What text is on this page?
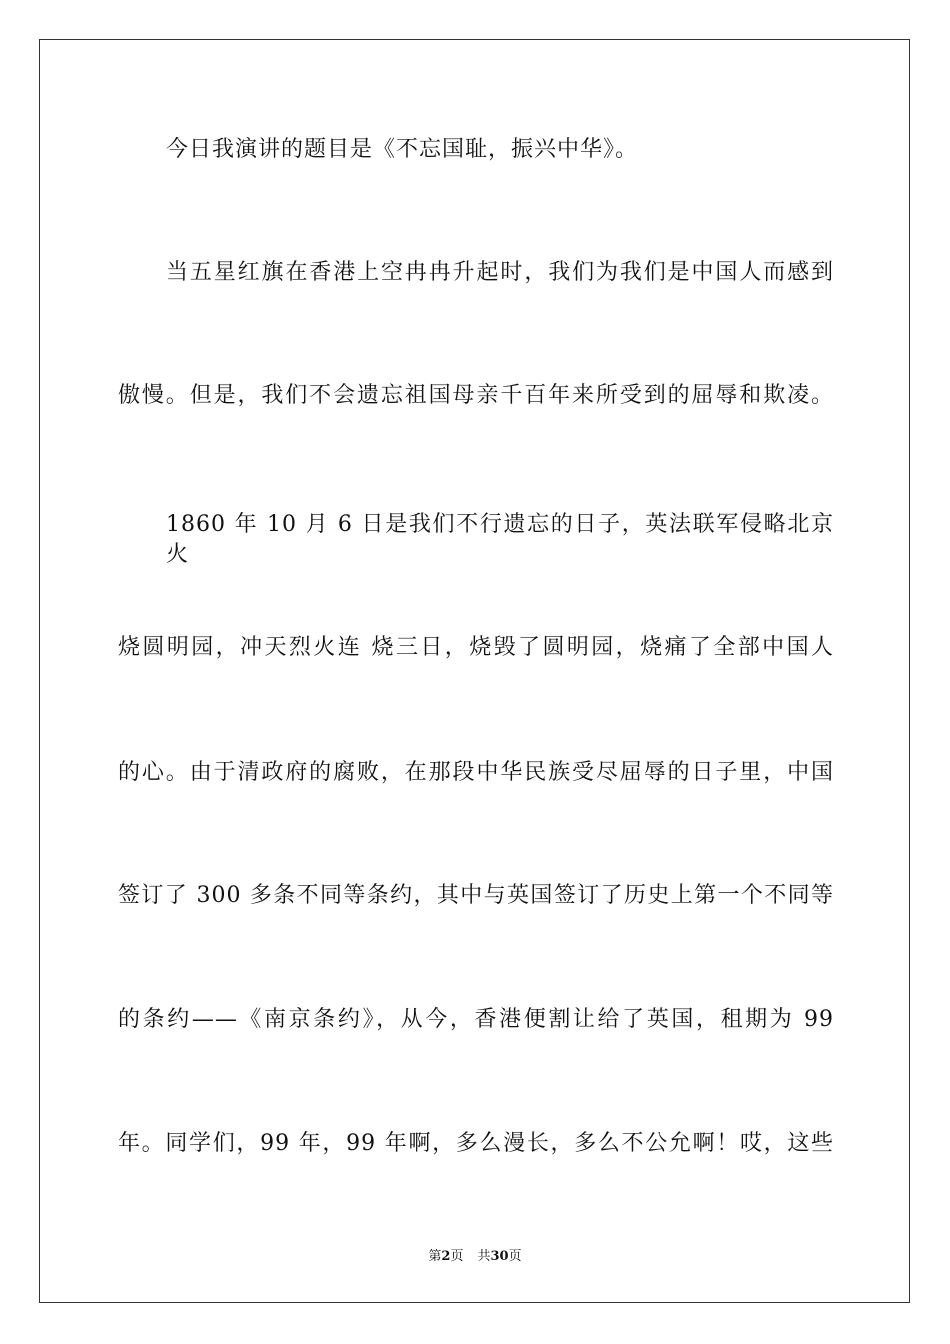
今日我演讲的题目是《不忘国耻，振兴中华》。
当五星红旗在香港上空冉冉升起时，我们为我们是中国人而感到
傲慢。但是，我们不会遗忘祖国母亲千百年来所受到的屈辱和欺凌。
1860 年 10 月 6 日是我们不行遗忘的日子，英法联军侵略北京火
烧圆明园，冲天烈火连 烧三日，烧毁了圆明园，烧痛了全部中国人
的心。由于清政府的腐败，在那段中华民族受尽屈辱的日子里，中国
签订了 300 多条不同等条约，其中与英国签订了历史上第一个不同等
的条约——《南京条约》，从今，香港便割让给了英国，租期为 99
年。同学们，99 年，99 年啊，多么漫长，多么不公允啊！哎，这些
第2页 共30页
